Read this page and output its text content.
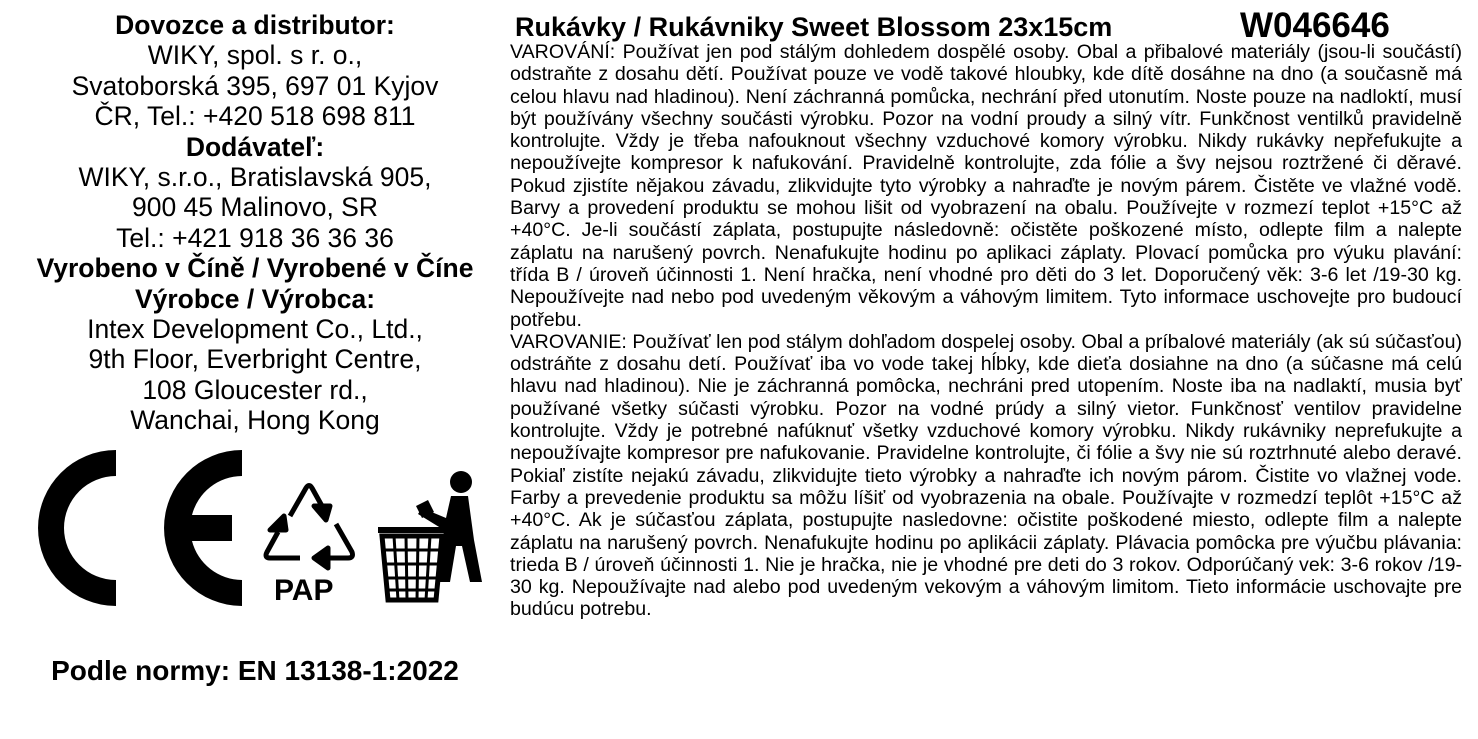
Dovozce a distributor:
WIKY, spol. s r. o.,
Svatoborská 395, 697 01 Kyjov
ČR, Tel.: +420 518 698 811
Dodávateľ:
WIKY, s.r.o., Bratislavská 905,
900 45 Malinovo, SR
Tel.: +421 918 36 36 36
Vyrobeno v Číně / Vyrobené v Číne
Výrobce / Výrobca:
Intex Development Co., Ltd.,
9th Floor, Everbright Centre,
108 Gloucester rd.,
Wanchai, Hong Kong
PAP
Podle normy: EN 13138-1:2022
Rukávky / Rukávniky Sweet Blossom 23x15cm	W046646

VAROVÁNÍ: Používat jen pod stálým dohledem dospělé osoby. Obal a přibalové materiály (jsou-li součástí) odstraňte z dosahu dětí. Používat pouze ve vodě takové hloubky, kde dítě dosáhne na dno (a současně má celou hlavu nad hladinou). Není záchranná pomůcka, nechrání před utonutím. Noste pouze na nadloktí, musí být používány všechny součásti výrobku. Pozor na vodní proudy a silný vítr. Funkčnost ventilků pravidelně kontrolujte. Vždy je třeba nafouknout všechny vzduchové komory výrobku. Nikdy rukávky nepřefukujte a nepoužívejte kompresor k nafukování. Pravidelně kontrolujte, zda fólie a švy nejsou roztržené či děravé. Pokud zjistíte nějakou závadu, zlikvidujte tyto výrobky a nahraďte je novým párem. Čistěte ve vlažné vodě. Barvy a provedení produktu se mohou lišit od vyobrazení na obalu. Používejte v rozmezí teplot +15°C až +40°C. Je-li součástí záplata, postupujte následovně: očistěte poškozené místo, odlepte film a nalepte záplatu na narušený povrch. Nenafukujte hodinu po aplikaci záplaty. Plovací pomůcka pro výuku plavání: třída B / úroveň účinnosti 1. Není hračka, není vhodné pro děti do 3 let. Doporučený věk: 3-6 let /19-30 kg. Nepoužívejte nad nebo pod uvedeným věkovým a váhovým limitem. Tyto informace uschovejte pro budoucí potřebu.

VAROVANIE: Používať len pod stálym dohľadom dospelej osoby. Obal a príbalové materiály (ak sú súčasťou) odstráňte z dosahu detí. Používať iba vo vode takej hĺbky, kde dieťa dosiahne na dno (a súčasne má celú hlavu nad hladinou). Nie je záchranná pomôcka, nechráni pred utopením. Noste iba na nadlaktí, musia byť používané všetky súčasti výrobku. Pozor na vodné prúdy a silný vietor. Funkčnosť ventilov pravidelne kontrolujte. Vždy je potrebné nafúknuť všetky vzduchové komory výrobku. Nikdy rukávniky neprefukujte a nepoužívajte kompresor pre nafukovanie. Pravidelne kontrolujte, či fólie a švy nie sú roztrhnuté alebo deravé. Pokiaľ zistíte nejakú závadu, zlikvidujte tieto výrobky a nahraďte ich novým párom. Čistite vo vlažnej vode. Farby a prevedenie produktu sa môžu líšiť od vyobrazenia na obale. Používajte v rozmedzí teplôt +15°C až +40°C. Ak je súčasťou záplata, postupujte nasledovne: očistite poškodené miesto, odlepte film a nalepte záplatu na narušený povrch. Nenafukujte hodinu po aplikácii záplaty. Plávacia pomôcka pre výučbu plávania: trieda B / úroveň účinnosti 1. Nie je hračka, nie je vhodné pre deti do 3 rokov. Odporúčaný vek: 3-6 rokov /19-30 kg. Nepoužívajte nad alebo pod uvedeným vekovým a váhovým limitom. Tieto informácie uschovajte pre budúcu potrebu.
